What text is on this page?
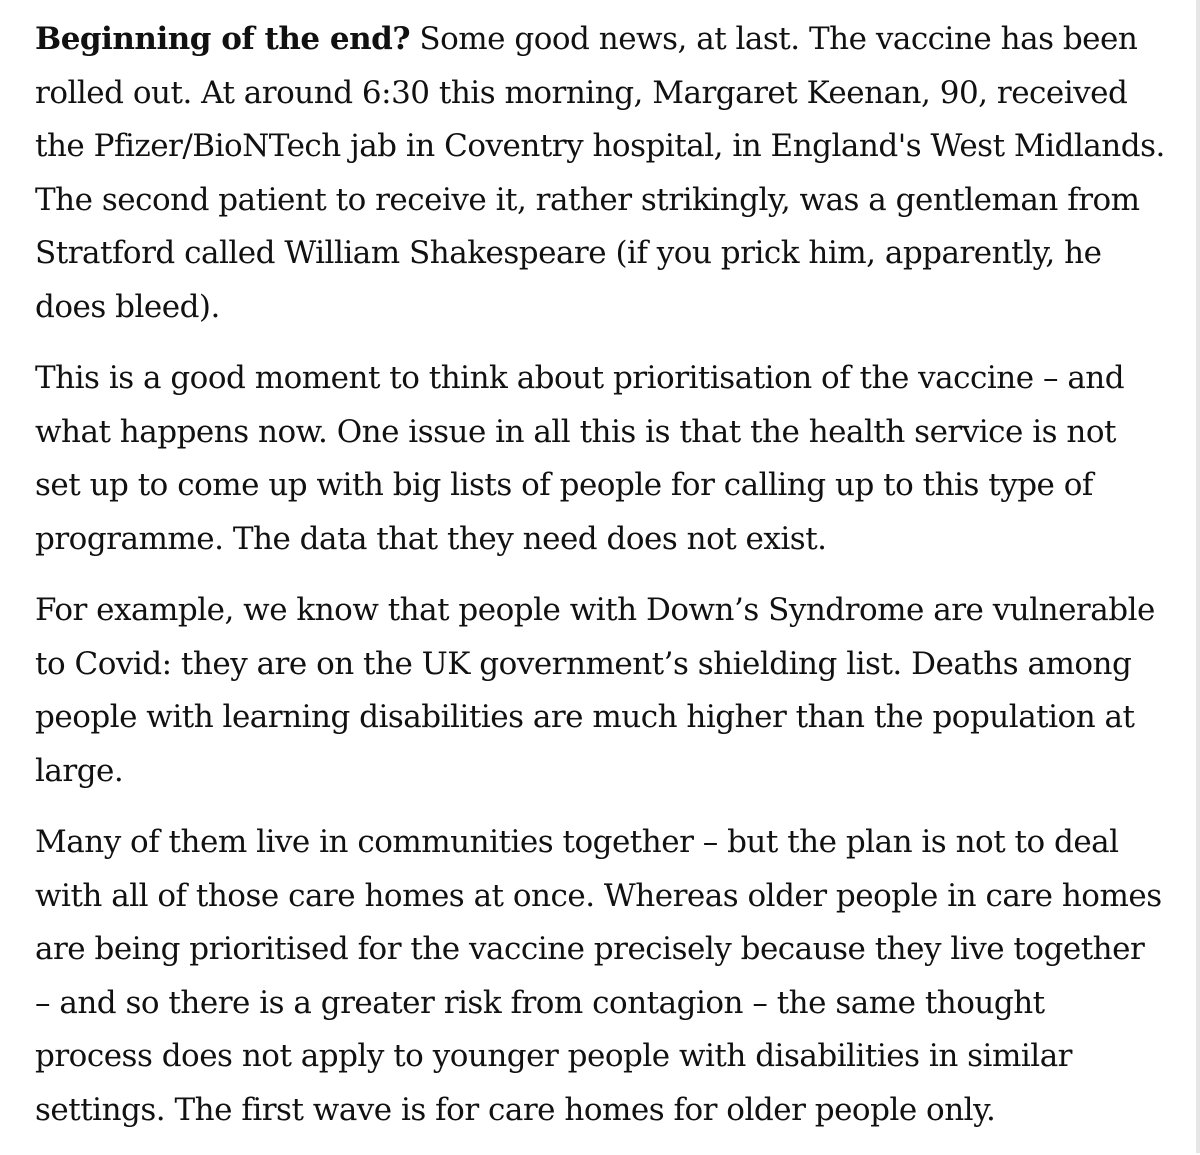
Beginning of the end? Some good news, at last. The vaccine has been rolled out. At around 6:30 this morning, Margaret Keenan, 90, received the Pfizer/BioNTech jab in Coventry hospital, in England's West Midlands. The second patient to receive it, rather strikingly, was a gentleman from Stratford called William Shakespeare (if you prick him, apparently, he does bleed).

This is a good moment to think about prioritisation of the vaccine – and what happens now. One issue in all this is that the health service is not set up to come up with big lists of people for calling up to this type of programme. The data that they need does not exist.

For example, we know that people with Down’s Syndrome are vulnerable to Covid: they are on the UK government’s shielding list. Deaths among people with learning disabilities are much higher than the population at large.

Many of them live in communities together – but the plan is not to deal with all of those care homes at once. Whereas older people in care homes are being prioritised for the vaccine precisely because they live together – and so there is a greater risk from contagion – the same thought process does not apply to younger people with disabilities in similar settings. The first wave is for care homes for older people only.
